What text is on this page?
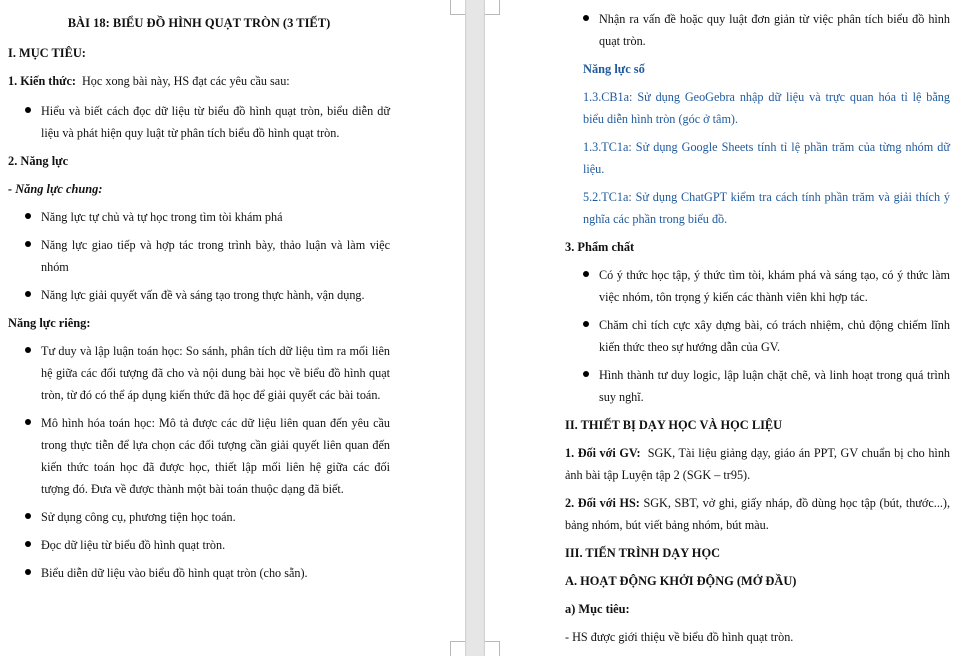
BÀI 18: BIỂU ĐỒ HÌNH QUẠT TRÒN (3 TIẾT)

I. MỤC TIÊU:

1. Kiến thức: Học xong bài này, HS đạt các yêu cầu sau:

Hiểu và biết cách đọc dữ liệu từ biểu đồ hình quạt tròn, biểu diễn dữ liệu và phát hiện quy luật từ phân tích biểu đồ hình quạt tròn.

2. Năng lực

- Năng lực chung:

Năng lực tự chủ và tự học trong tìm tòi khám phá
Năng lực giao tiếp và hợp tác trong trình bày, thảo luận và làm việc nhóm
Năng lực giải quyết vấn đề và sáng tạo trong thực hành, vận dụng.

Năng lực riêng:

Tư duy và lập luận toán học: So sánh, phân tích dữ liệu tìm ra mối liên hệ giữa các đối tượng đã cho và nội dung bài học về biểu đồ hình quạt tròn, từ đó có thể áp dụng kiến thức đã học để giải quyết các bài toán.
Mô hình hóa toán học: Mô tả được các dữ liệu liên quan đến yêu cầu trong thực tiễn để lựa chọn các đối tượng cần giải quyết liên quan đến kiến thức toán học đã được học, thiết lập mối liên hệ giữa các đối tượng đó. Đưa về được thành một bài toán thuộc dạng đã biết.
Sử dụng công cụ, phương tiện học toán.
Đọc dữ liệu từ biểu đồ hình quạt tròn.
Biểu diễn dữ liệu vào biểu đồ hình quạt tròn (cho sẵn).
Nhận ra vấn đề hoặc quy luật đơn giản từ việc phân tích biểu đồ hình quạt tròn.

Năng lực số

1.3.CB1a: Sử dụng GeoGebra nhập dữ liệu và trực quan hóa tỉ lệ bằng biểu diễn hình tròn (góc ở tâm).

1.3.TC1a: Sử dụng Google Sheets tính tỉ lệ phần trăm của từng nhóm dữ liệu.

5.2.TC1a: Sử dụng ChatGPT kiểm tra cách tính phần trăm và giải thích ý nghĩa các phần trong biểu đồ.

3. Phẩm chất

Có ý thức học tập, ý thức tìm tòi, khám phá và sáng tạo, có ý thức làm việc nhóm, tôn trọng ý kiến các thành viên khi hợp tác.
Chăm chỉ tích cực xây dựng bài, có trách nhiệm, chủ động chiếm lĩnh kiến thức theo sự hướng dẫn của GV.
Hình thành tư duy logic, lập luận chặt chẽ, và linh hoạt trong quá trình suy nghĩ.

II. THIẾT BỊ DẠY HỌC VÀ HỌC LIỆU

1. Đối với GV: SGK, Tài liệu giảng dạy, giáo án PPT, GV chuẩn bị cho hình ảnh bài tập Luyện tập 2 (SGK – tr95).

2. Đối với HS: SGK, SBT, vở ghi, giấy nháp, đồ dùng học tập (bút, thước...), bảng nhóm, bút viết bảng nhóm, bút màu.

III. TIẾN TRÌNH DẠY HỌC

A. HOẠT ĐỘNG KHỞI ĐỘNG (MỞ ĐẦU)

a) Mục tiêu:

- HS được giới thiệu về biểu đồ hình quạt tròn.
